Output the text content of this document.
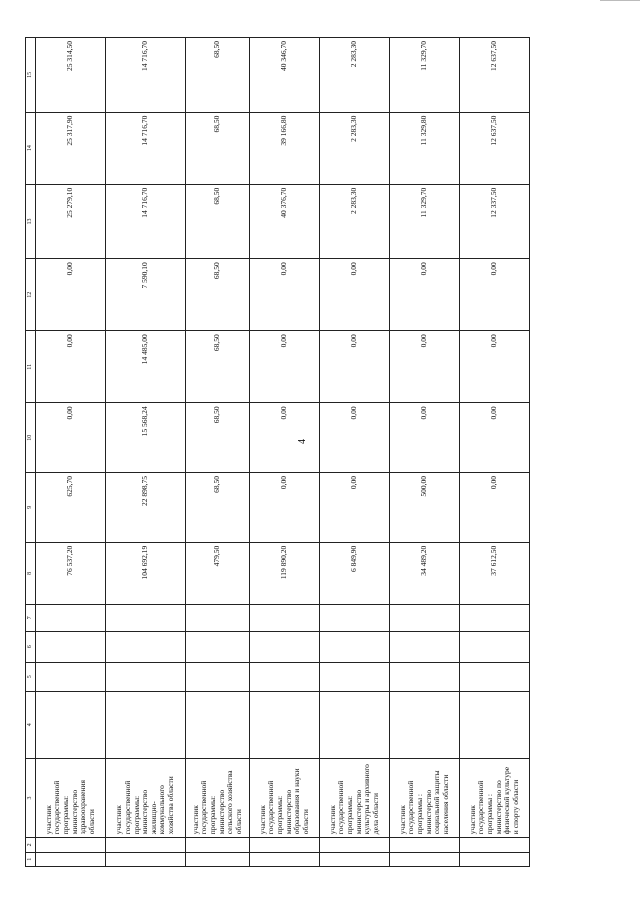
4
1	2	3	4	5	6	7	8	9	10	11	12	13	14	15
		участник государственной программы: министерство здравоохранения области					76 537,20	625,70	0,00	0,00	0,00	25 279,10	25 317,90	25 314,50
		участник государственной программы: министерство жилищно-коммунального хозяйства области					104 692,19	22 898,75	15 568,24	14 485,00	7 590,10	14 716,70	14 716,70	14 716,70
		участник государственной программы: министерство сельского хозяйства области					479,50	68,50	68,50	68,50	68,50	68,50	68,50	68,50
		участник государственной программы: министерство образования и науки области					119 890,20	0,00	0,00	0,00	0,00	40 376,70	39 166,80	40 346,70
		участник государственной программы: министерство культуры и архивного дела области					6 849,90	0,00	0,00	0,00	0,00	2 283,30	2 283,30	2 283,30
		участник государственной программы : министерство социальной защиты населения области					34 489,20	500,00	0,00	0,00	0,00	11 329,70	11 329,80	11 329,70
		участник государственной программы : министерство по физической культуре и спорту области					37 612,50	0,00	0,00	0,00	0,00	12 337,50	12 637,50	12 637,50
